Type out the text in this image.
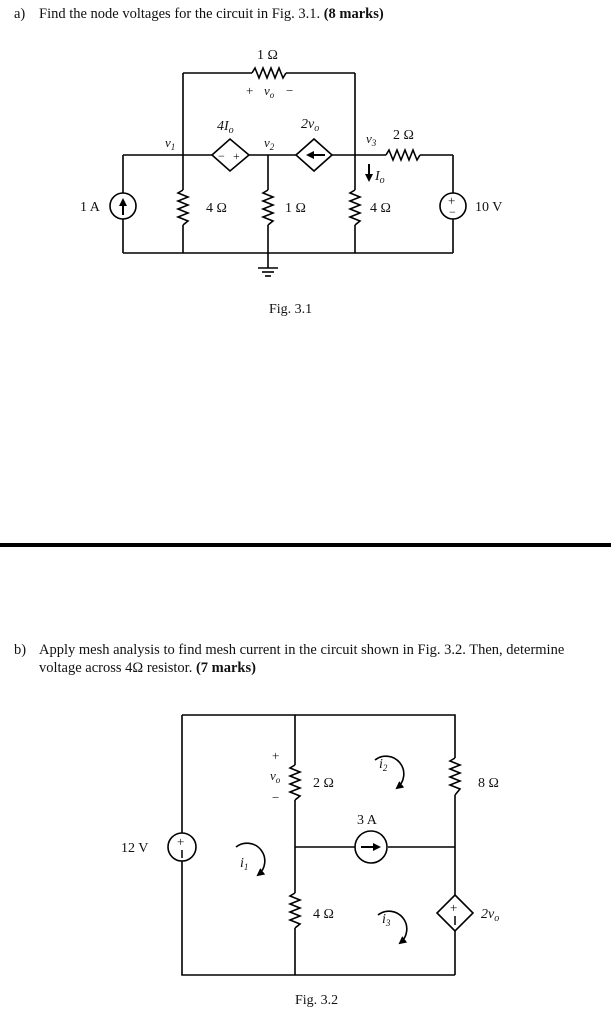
a) Find the node voltages for the circuit in Fig. 3.1. (8 marks)
− +
+
−
1 Ω
+ $v_o$ −
$v_1$	$v_2$
$v_3$
$4I_o$	$2v_o$
1 A	4 Ω	1 Ω	4 Ω
2 Ω
$I_o$
10 V
Fig. 3.1
b) Apply mesh analysis to find mesh current in the circuit shown in Fig. 3.2. Then, determine
voltage across 4Ω resistor. (7 marks)
+
+
+
$v_o$
−
2 Ω	8 Ω
3 A
12 V
4 Ω	$2v_o$
$i_1$
$i_2$
$i_3$
Fig. 3.2
